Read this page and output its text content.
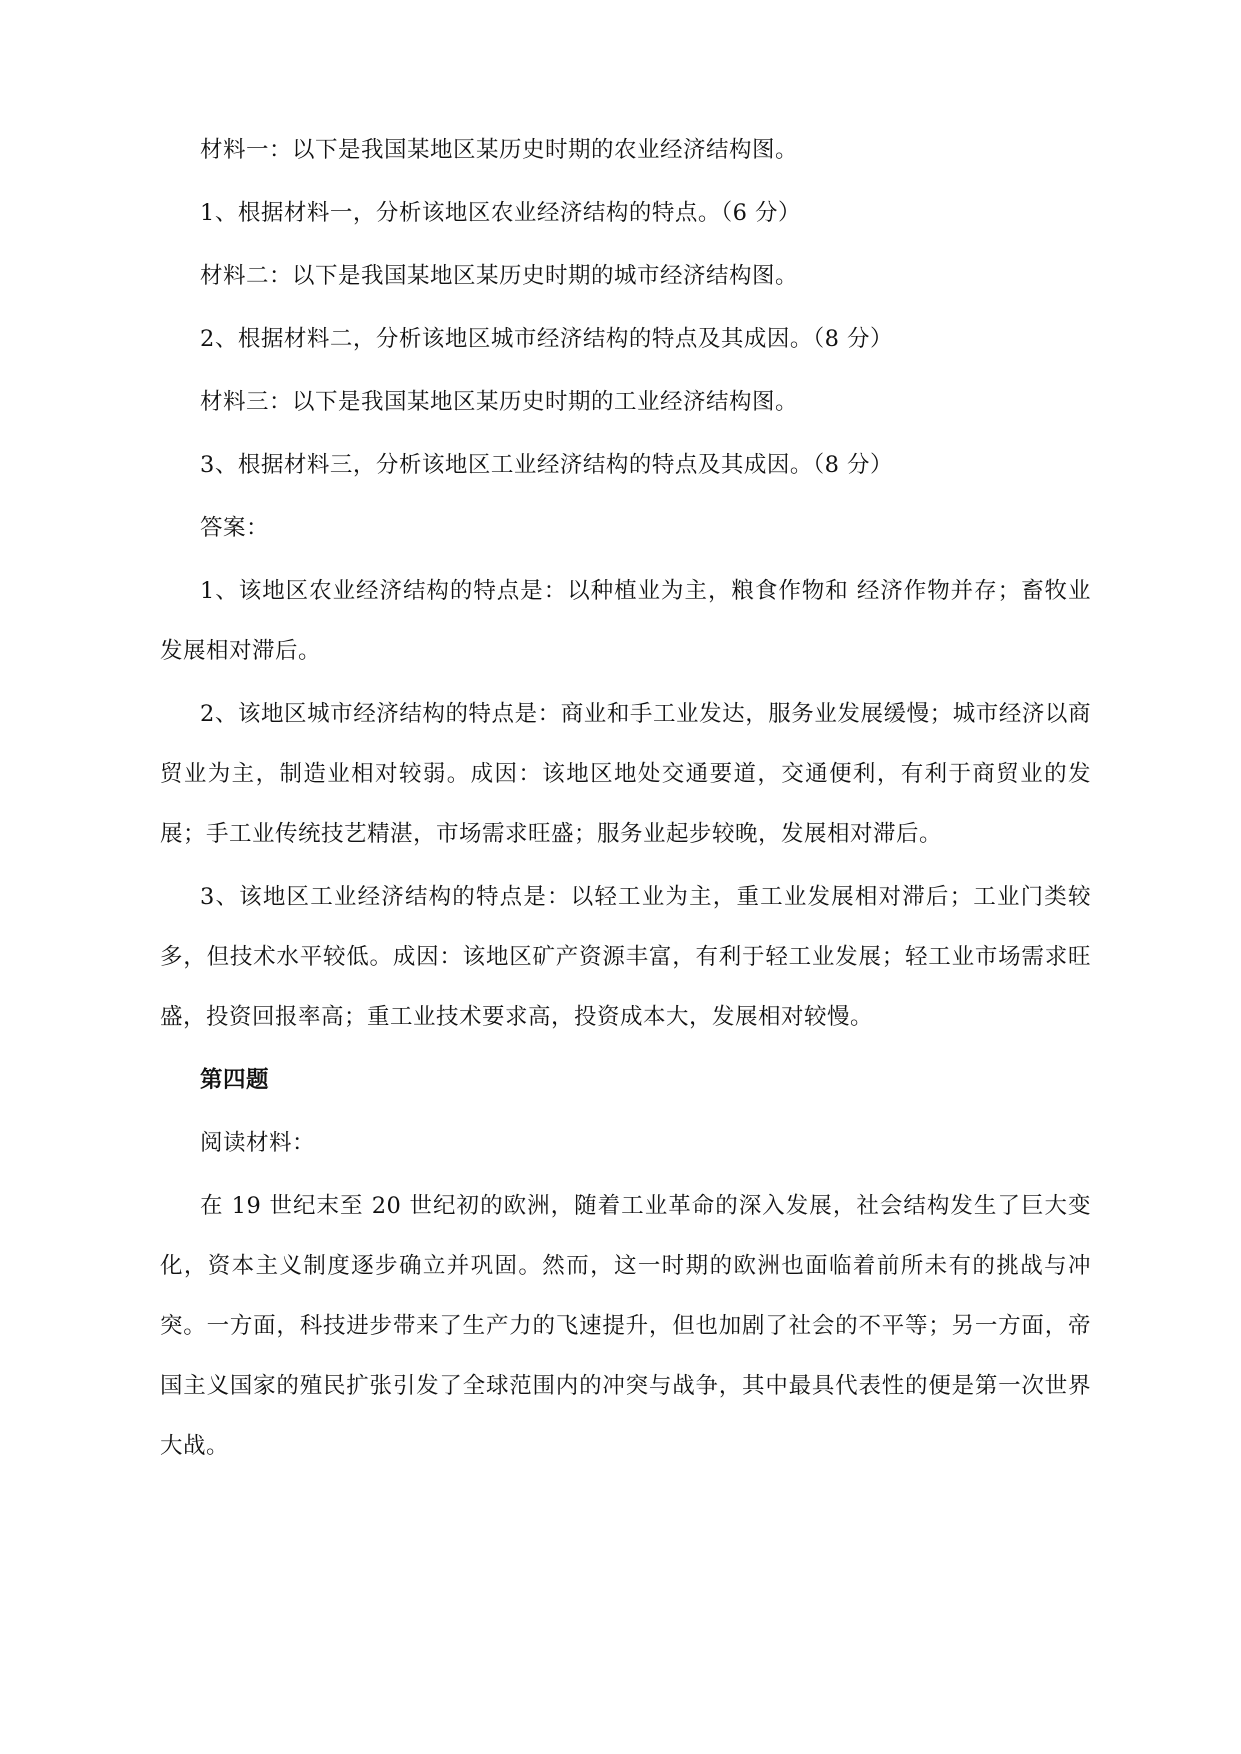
材料一：以下是我国某地区某历史时期的农业经济结构图。

1、根据材料一，分析该地区农业经济结构的特点。（6 分）

材料二：以下是我国某地区某历史时期的城市经济结构图。

2、根据材料二，分析该地区城市经济结构的特点及其成因。（8 分）

材料三：以下是我国某地区某历史时期的工业经济结构图。

3、根据材料三，分析该地区工业经济结构的特点及其成因。（8 分）

答案：

1、该地区农业经济结构的特点是：以种植业为主，粮食作物和 经济作物并存；畜牧业发展相对滞后。

2、该地区城市经济结构的特点是：商业和手工业发达，服务业发展缓慢；城市经济以商贸业为主，制造业相对较弱。成因：该地区地处交通要道，交通便利，有利于商贸业的发展；手工业传统技艺精湛，市场需求旺盛；服务业起步较晚，发展相对滞后。

3、该地区工业经济结构的特点是：以轻工业为主，重工业发展相对滞后；工业门类较多，但技术水平较低。成因：该地区矿产资源丰富，有利于轻工业发展；轻工业市场需求旺盛，投资回报率高；重工业技术要求高，投资成本大，发展相对较慢。

第四题

阅读材料：

在 19 世纪末至 20 世纪初的欧洲，随着工业革命的深入发展，社会结构发生了巨大变化，资本主义制度逐步确立并巩固。然而，这一时期的欧洲也面临着前所未有的挑战与冲突。一方面，科技进步带来了生产力的飞速提升，但也加剧了社会的不平等；另一方面，帝国主义国家的殖民扩张引发了全球范围内的冲突与战争，其中最具代表性的便是第一次世界大战。
